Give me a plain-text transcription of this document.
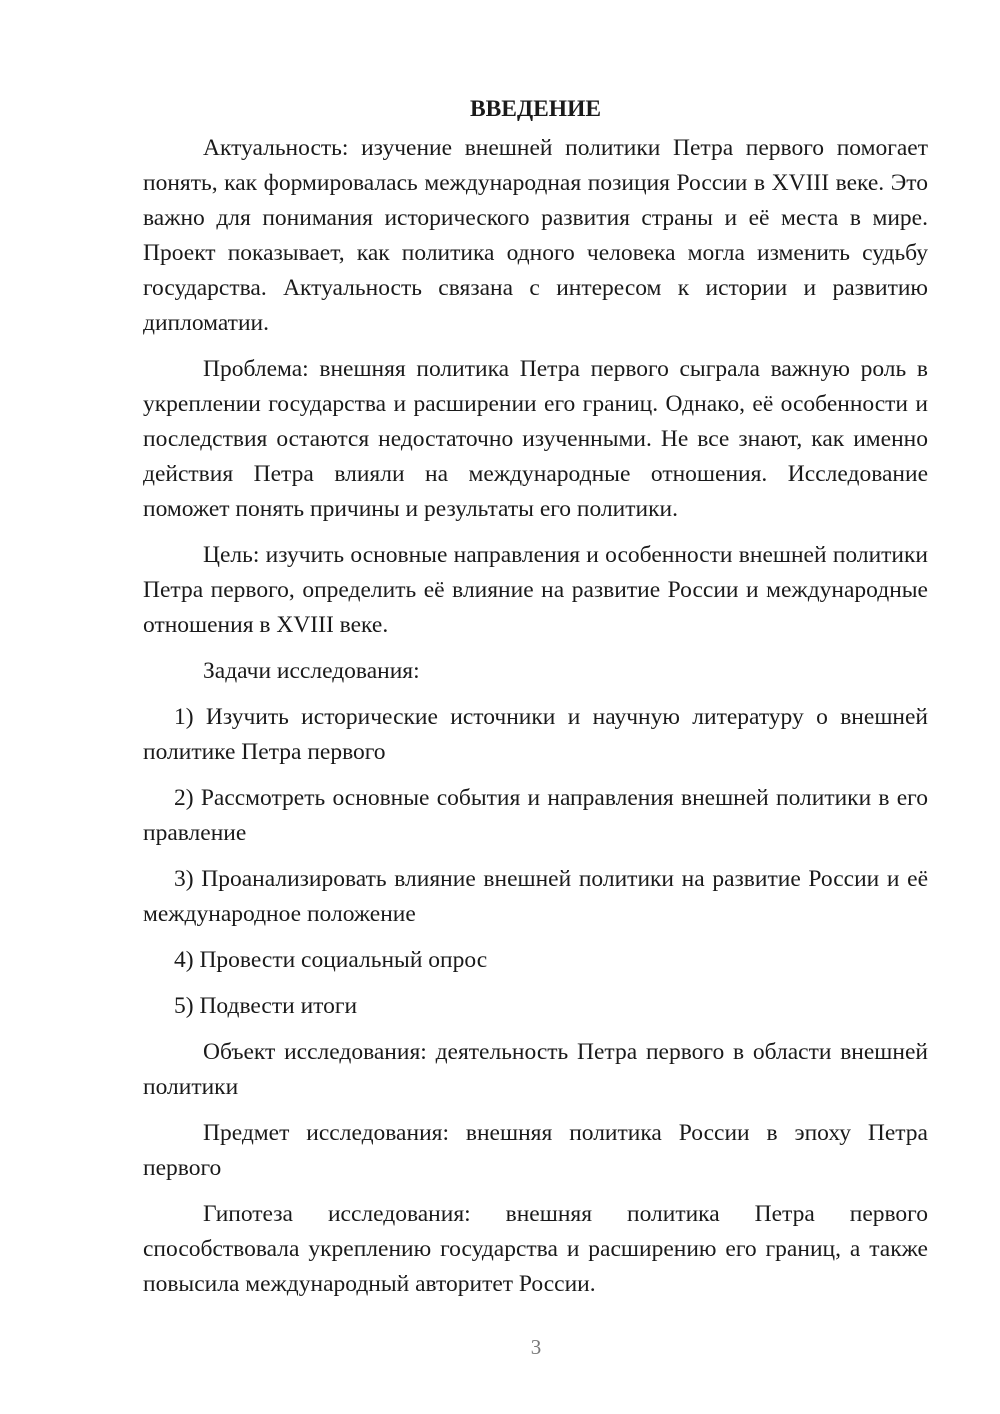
ВВЕДЕНИЕ

Актуальность: изучение внешней политики Петра первого помогает понять, как формировалась международная позиция России в XVIII веке. Это важно для понимания исторического развития страны и её места в мире. Проект показывает, как политика одного человека могла изменить судьбу государства. Актуальность связана с интересом к истории и развитию дипломатии.

Проблема: внешняя политика Петра первого сыграла важную роль в укреплении государства и расширении его границ. Однако, её особенности и последствия остаются недостаточно изученными. Не все знают, как именно действия Петра влияли на международные отношения. Исследование поможет понять причины и результаты его политики.

Цель: изучить основные направления и особенности внешней политики Петра первого, определить её влияние на развитие России и международные отношения в XVIII веке.

Задачи исследования:

1) Изучить исторические источники и научную литературу о внешней политике Петра первого

2) Рассмотреть основные события и направления внешней политики в его правление

3) Проанализировать влияние внешней политики на развитие России и её международное положение

4) Провести социальный опрос

5) Подвести итоги

Объект исследования: деятельность Петра первого в области внешней политики

Предмет исследования: внешняя политика России в эпоху Петра первого

Гипотеза исследования: внешняя политика Петра первого способствовала укреплению государства и расширению его границ, а также повысила международный авторитет России.

3
